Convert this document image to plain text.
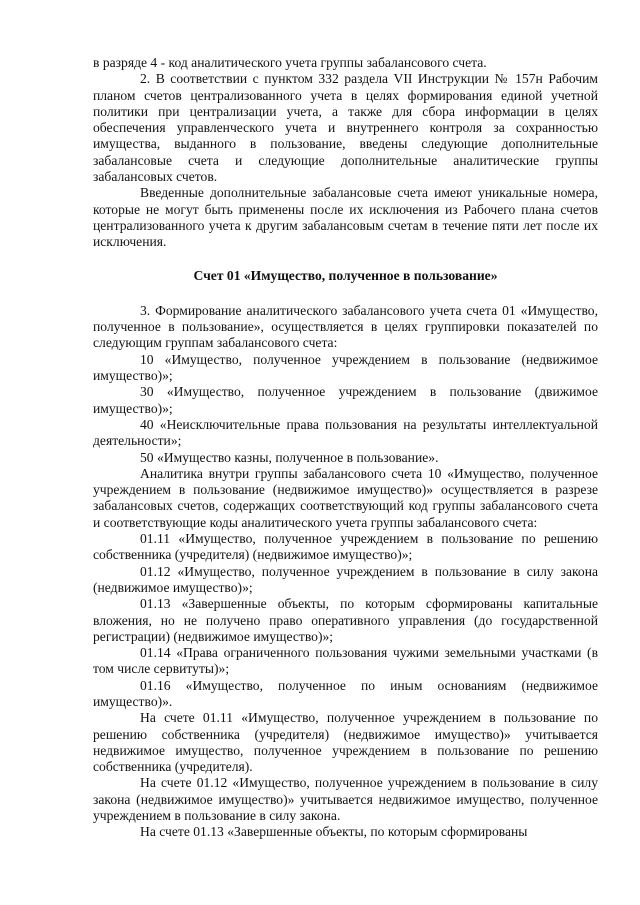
в разряде 4 - код аналитического учета группы забалансового счета.

2. В соответствии с пунктом 332 раздела VII Инструкции № 157н Рабочим планом счетов централизованного учета в целях формирования единой учетной политики при централизации учета, а также для сбора информации в целях обеспечения управленческого учета и внутреннего контроля за сохранностью имущества, выданного в пользование, введены следующие дополнительные забалансовые счета и следующие дополнительные аналитические группы забалансовых счетов.

Введенные дополнительные забалансовые счета имеют уникальные номера, которые не могут быть применены после их исключения из Рабочего плана счетов централизованного учета к другим забалансовым счетам в течение пяти лет после их исключения.

Счет 01 «Имущество, полученное в пользование»

3. Формирование аналитического забалансового учета счета 01 «Имущество, полученное в пользование», осуществляется в целях группировки показателей по следующим группам забалансового счета:

10 «Имущество, полученное учреждением в пользование (недвижимое имущество)»;

30 «Имущество, полученное учреждением в пользование (движимое имущество)»;

40 «Неисключительные права пользования на результаты интеллектуальной деятельности»;

50 «Имущество казны, полученное в пользование».

Аналитика внутри группы забалансового счета 10 «Имущество, полученное учреждением в пользование (недвижимое имущество)» осуществляется в разрезе забалансовых счетов, содержащих соответствующий код группы забалансового счета и соответствующие коды аналитического учета группы забалансового счета:

01.11 «Имущество, полученное учреждением в пользование по решению собственника (учредителя) (недвижимое имущество)»;

01.12 «Имущество, полученное учреждением в пользование в силу закона (недвижимое имущество)»;

01.13 «Завершенные объекты, по которым сформированы капитальные вложения, но не получено право оперативного управления (до государственной регистрации) (недвижимое имущество)»;

01.14 «Права ограниченного пользования чужими земельными участками (в том числе сервитуты)»;

01.16 «Имущество, полученное по иным основаниям (недвижимое имущество)».

На счете 01.11 «Имущество, полученное учреждением в пользование по решению собственника (учредителя) (недвижимое имущество)» учитывается недвижимое имущество, полученное учреждением в пользование по решению собственника (учредителя).

На счете 01.12 «Имущество, полученное учреждением в пользование в силу закона (недвижимое имущество)» учитывается недвижимое имущество, полученное учреждением в пользование в силу закона.

На счете 01.13 «Завершенные объекты, по которым сформированы
